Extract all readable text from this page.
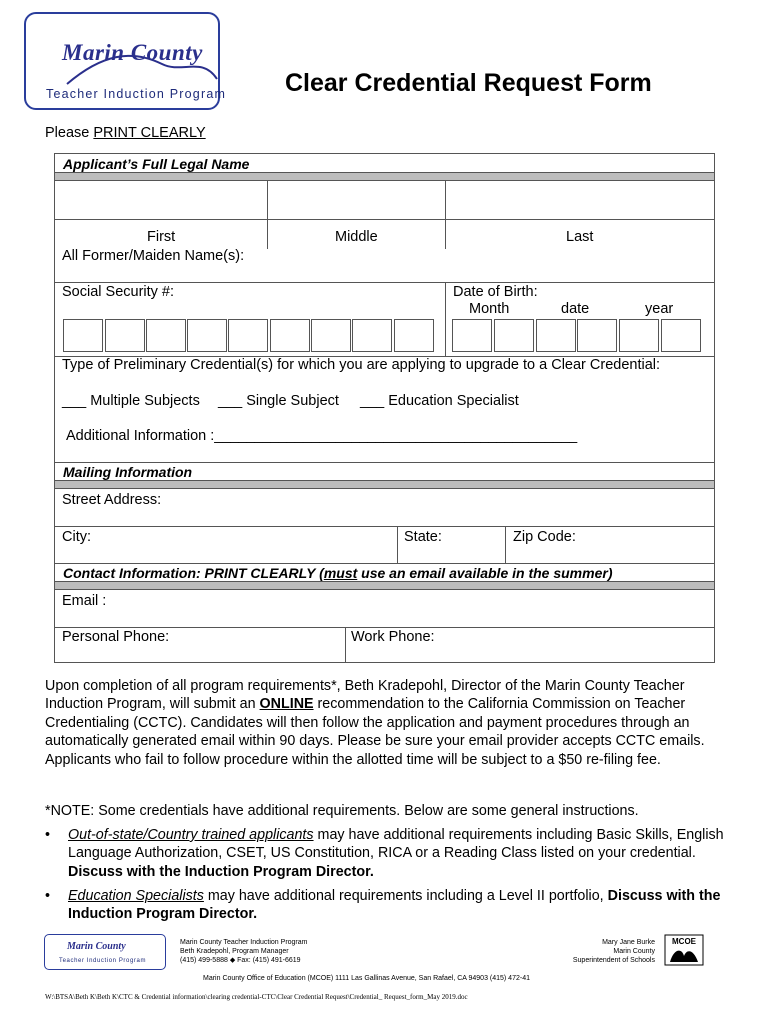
Marin County
Teacher Induction Program Clear Credential Request Form
Please PRINT CLEARLY
Applicant’s Full Legal Name
First	Middle	Last
All Former/Maiden Name(s):
Social Security #:	Date of Birth:
Month	date	year
Type of Preliminary Credential(s) for which you are applying to upgrade to a Clear Credential:
___ Multiple Subjects ___ Single Subject ___ Education Specialist
Additional Information :_____________________________________________
Mailing Information
Street Address:
City:	State:	Zip Code:
Contact Information: PRINT CLEARLY (must use an email available in the summer)
Email :
Personal Phone:	Work Phone:
Upon completion of all program requirements*, Beth Kradepohl, Director of the Marin County Teacher Induction Program, will submit an ONLINE recommendation to the California Commission on Teacher Credentialing (CCTC). Candidates will then follow the application and payment procedures through an automatically generated email within 90 days. Please be sure your email provider accepts CCTC emails. Applicants who fail to follow procedure within the allotted time will be subject to a $50 re-filing fee.
*NOTE: Some credentials have additional requirements. Below are some general instructions.
• Out-of-state/Country trained applicants may have additional requirements including Basic Skills, English Language Authorization, CSET, US Constitution, RICA or a Reading Class listed on your credential. Discuss with the Induction Program Director.
• Education Specialists may have additional requirements including a Level II portfolio, Discuss with the Induction Program Director.
Marin County
Teacher Induction Program
Marin County Teacher Induction Program
Beth Kradepohl, Program Manager
(415) 499-5888 ◆ Fax: (415) 491-6619
Mary Jane Burke
Marin County
Superintendent of Schools
MCOE
Marin County Office of Education (MCOE) 1111 Las Gallinas Avenue, San Rafael, CA 94903 (415) 472-41
W:\BTSA\Beth K\Beth K\CTC & Credential information\clearing credential-CTC\Clear Credential Request\Credential_ Request_form_May 2019.doc
